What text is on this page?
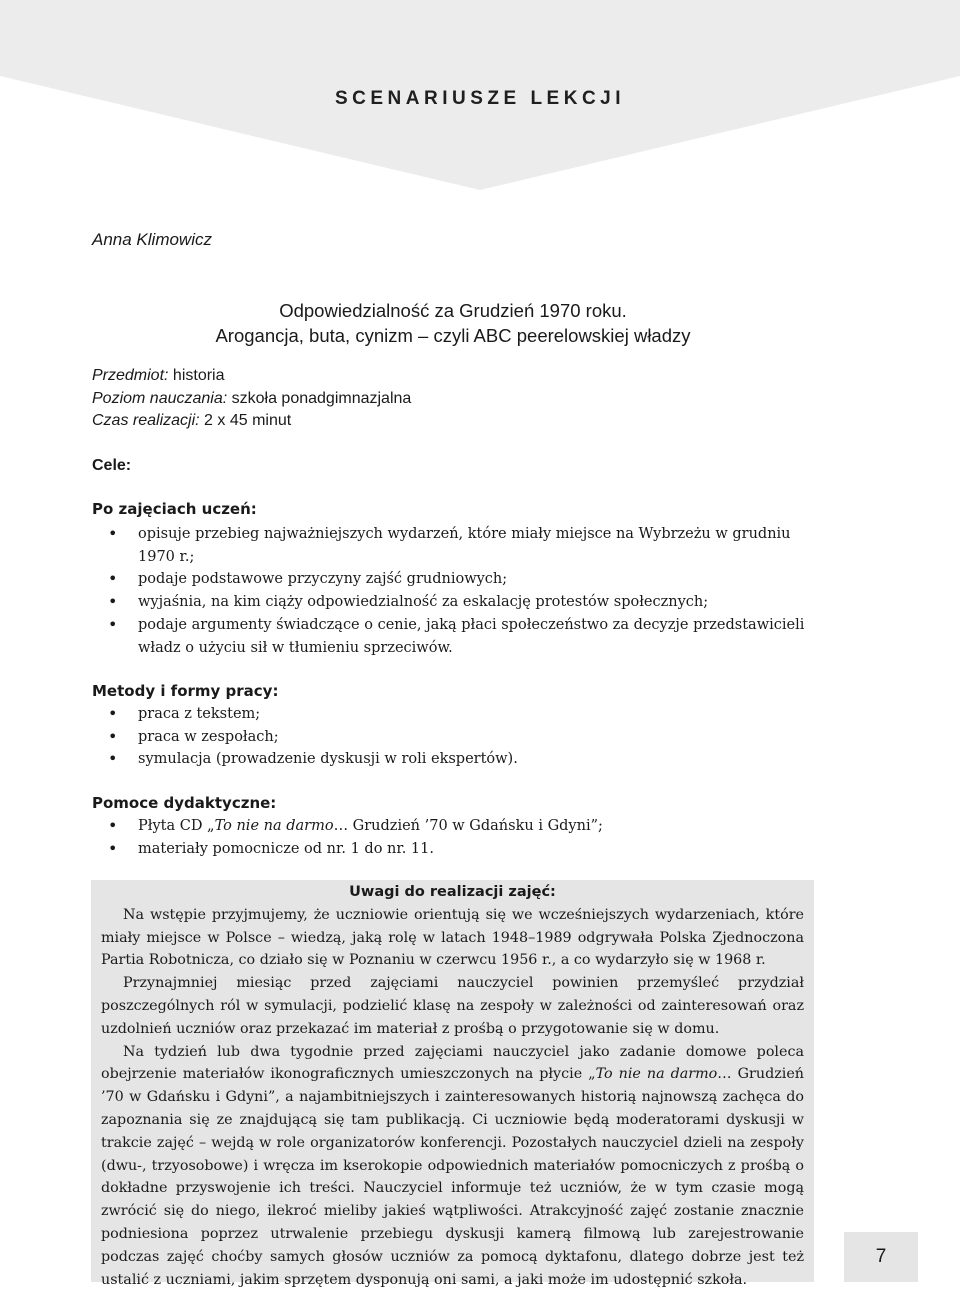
SCENARIUSZE LEKCJI
Anna Klimowicz
Odpowiedzialność za Grudzień 1970 roku.
Arogancja, buta, cynizm – czyli ABC peerelowskiej władzy
Przedmiot: historia
Poziom nauczania: szkoła ponadgimnazjalna
Czas realizacji: 2 x 45 minut
Cele:
Po zajęciach uczeń:
• opisuje przebieg najważniejszych wydarzeń, które miały miejsce na Wybrzeżu w grudniu 1970 r.;
• podaje podstawowe przyczyny zajść grudniowych;
• wyjaśnia, na kim ciąży odpowiedzialność za eskalację protestów społecznych;
• podaje argumenty świadczące o cenie, jaką płaci społeczeństwo za decyzje przedstawicieli władz o użyciu sił w tłumieniu sprzeciwów.
Metody i formy pracy:
• praca z tekstem;
• praca w zespołach;
• symulacja (prowadzenie dyskusji w roli ekspertów).
Pomoce dydaktyczne:
• Płyta CD „To nie na darmo… Grudzień ’70 w Gdańsku i Gdyni”;
• materiały pomocnicze od nr. 1 do nr. 11.
Uwagi do realizacji zajęć:

Na wstępie przyjmujemy, że uczniowie orientują się we wcześniejszych wydarzeniach, które miały miejsce w Polsce – wiedzą, jaką rolę w latach 1948–1989 odgrywała Polska Zjednoczona Partia Robotnicza, co działo się w Poznaniu w czerwcu 1956 r., a co wydarzyło się w 1968 r.

Przynajmniej miesiąc przed zajęciami nauczyciel powinien przemyśleć przydział poszczególnych ról w symulacji, podzielić klasę na zespoły w zależności od zainteresowań oraz uzdolnień uczniów oraz przekazać im materiał z prośbą o przygotowanie się w domu.

Na tydzień lub dwa tygodnie przed zajęciami nauczyciel jako zadanie domowe poleca obejrzenie materiałów ikonograficznych umieszczonych na płycie „To nie na darmo… Grudzień ’70 w Gdańsku i Gdyni”, a najambitniejszych i zainteresowanych historią najnowszą zachęca do zapoznania się ze znajdującą się tam publikacją. Ci uczniowie będą moderatorami dyskusji w trakcie zajęć – wejdą w role organizatorów konferencji. Pozostałych nauczyciel dzieli na zespoły (dwu-, trzyosobowe) i wręcza im kserokopie odpowiednich materiałów pomocniczych z prośbą o dokładne przyswojenie ich treści. Nauczyciel informuje też uczniów, że w tym czasie mogą zwrócić się do niego, ilekroć mieliby jakieś wątpliwości. Atrakcyjność zajęć zostanie znacznie podniesiona poprzez utrwalenie przebiegu dyskusji kamerą filmową lub zarejestrowanie podczas zajęć choćby samych głosów uczniów za pomocą dyktafonu, dlatego dobrze jest też ustalić z uczniami, jakim sprzętem dysponują oni sami, a jaki może im udostępnić szkoła.

7
